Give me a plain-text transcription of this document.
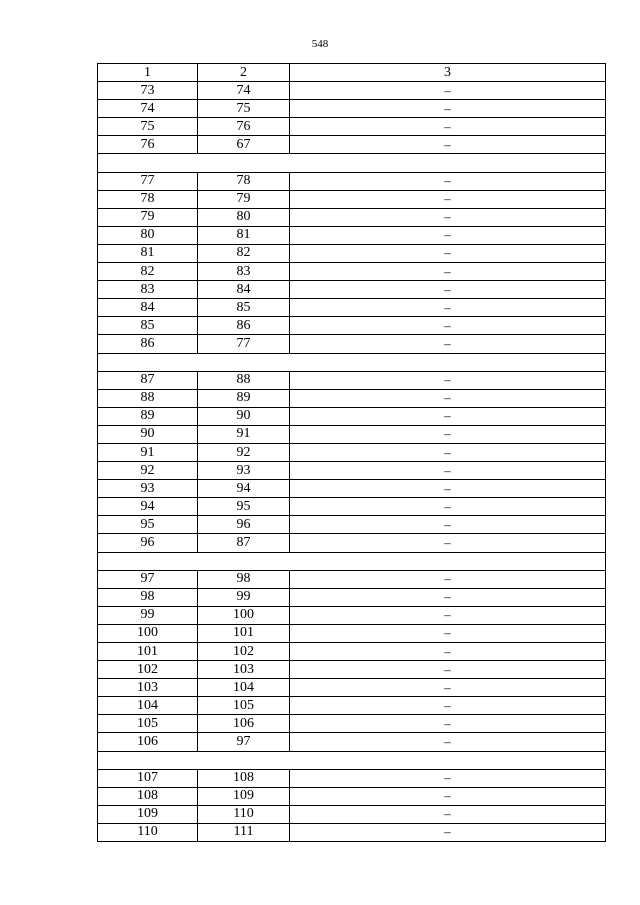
548
1	2	3
73	74	–
74	75	–
75	76	–
76	67	–

77	78	–
78	79	–
79	80	–
80	81	–
81	82	–
82	83	–
83	84	–
84	85	–
85	86	–
86	77	–

87	88	–
88	89	–
89	90	–
90	91	–
91	92	–
92	93	–
93	94	–
94	95	–
95	96	–
96	87	–

97	98	–
98	99	–
99	100	–
100	101	–
101	102	–
102	103	–
103	104	–
104	105	–
105	106	–
106	97	–

107	108	–
108	109	–
109	110	–
110	111	–
